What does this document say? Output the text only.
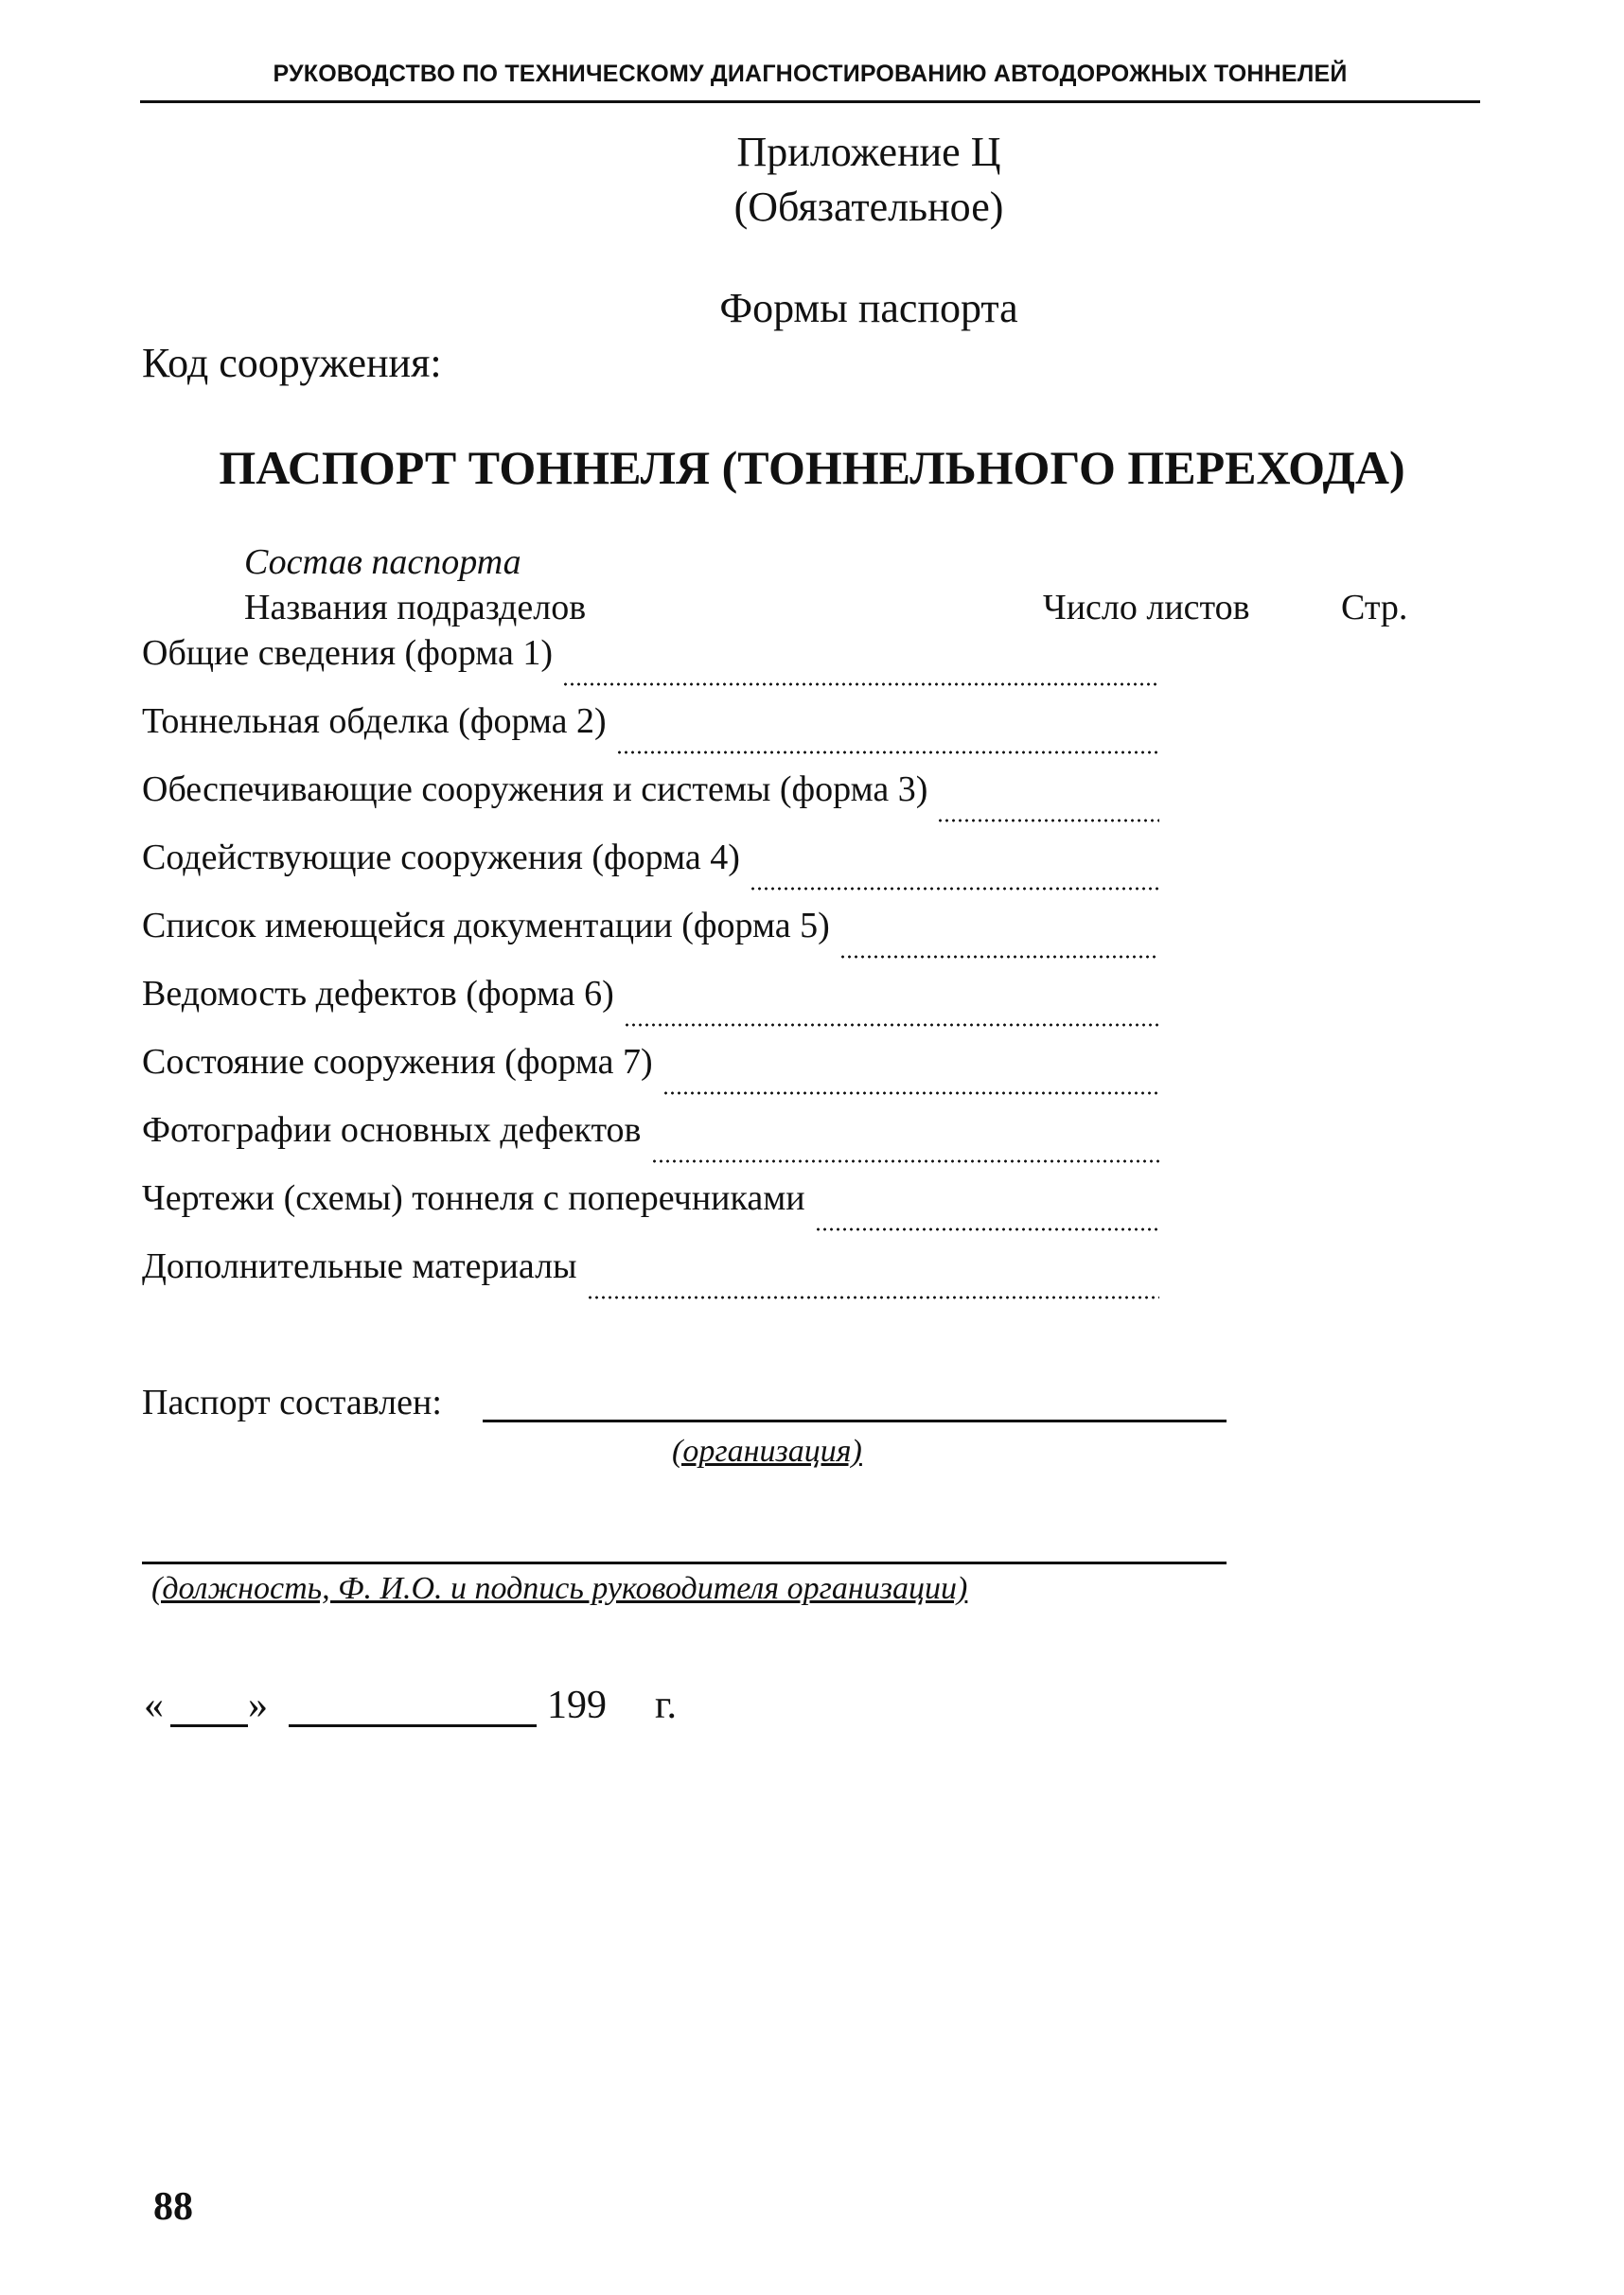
РУКОВОДСТВО ПО ТЕХНИЧЕСКОМУ ДИАГНОСТИРОВАНИЮ АВТОДОРОЖНЫХ ТОННЕЛЕЙ
Приложение Ц
(Обязательное)
Формы паспорта
Код сооружения:
ПАСПОРТ ТОННЕЛЯ (ТОННЕЛЬНОГО ПЕРЕХОДА)
Состав паспорта
Названия подразделов	Число листов	Стр.
Общие сведения (форма 1)
Тоннельная обделка (форма 2)
Обеспечивающие сооружения и системы (форма 3)
Содействующие сооружения (форма 4)
Список имеющейся документации (форма 5)
Ведомость дефектов (форма 6)
Состояние сооружения (форма 7)
Фотографии основных дефектов
Чертежи (схемы) тоннеля с поперечниками
Дополнительные материалы
Паспорт составлен:
(организация)
(должность, Ф. И.О. и подпись руководителя организации)
« »	199 г.
88
